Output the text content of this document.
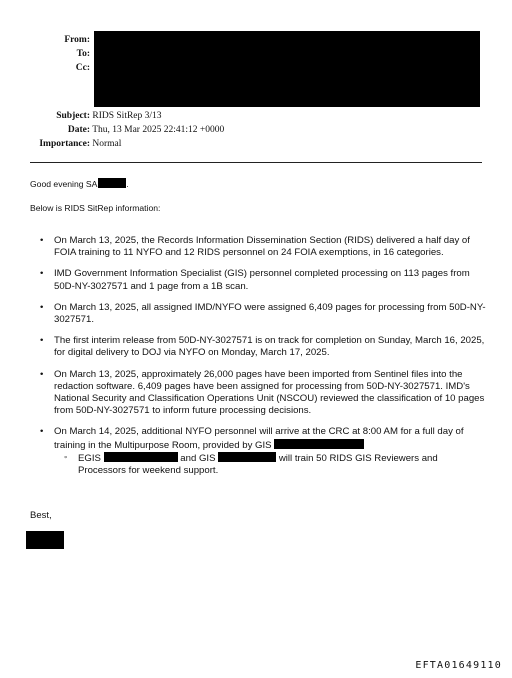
From:
To:
Cc:
Subject: RIDS SitRep 3/13
Date: Thu, 13 Mar 2025 22:41:12 +0000
Importance: Normal
Good evening SA	.
Below is RIDS SitRep information:
• On March 13, 2025, the Records Information Dissemination Section (RIDS) delivered a half day of FOIA training to 11 NYFO and 12 RIDS personnel on 24 FOIA exemptions, in 16 categories.
• IMD Government Information Specialist (GIS) personnel completed processing on 113 pages from 50D-NY-3027571 and 1 page from a 1B scan.
• On March 13, 2025, all assigned IMD/NYFO were assigned 6,409 pages for processing from 50D-NY-3027571.
• The first interim release from 50D-NY-3027571 is on track for completion on Sunday, March 16, 2025, for digital delivery to DOJ via NYFO on Monday, March 17, 2025.
• On March 13, 2025, approximately 26,000 pages have been imported from Sentinel files into the redaction software. 6,409 pages have been assigned for processing from 50D-NY-3027571. IMD's National Security and Classification Operations Unit (NSCOU) reviewed the classification of 10 pages from 50D-NY-3027571 to inform future processing decisions.
• On March 14, 2025, additional NYFO personnel will arrive at the CRC at 8:00 AM for a full day of training in the Multipurpose Room, provided by GIS
◦ EGIS	and GIS	will train 50 RIDS GIS Reviewers and Processors for weekend support.
Best,
EFTA01649110
